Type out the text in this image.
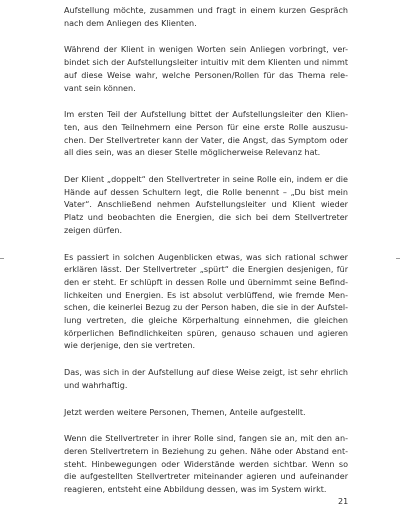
Aufstellung möchte, zusammen und fragt in einem kurzen Gespräch
nach dem Anliegen des Klienten.

Während der Klient in wenigen Worten sein Anliegen vorbringt, ver-
bindet sich der Aufstellungsleiter intuitiv mit dem Klienten und nimmt
auf diese Weise wahr, welche Personen/Rollen für das Thema rele-
vant sein können.

Im ersten Teil der Aufstellung bittet der Aufstellungsleiter den Klien-
ten, aus den Teilnehmern eine Person für eine erste Rolle auszusu-
chen. Der Stellvertreter kann der Vater, die Angst, das Symptom oder
all dies sein, was an dieser Stelle möglicherweise Relevanz hat.

Der Klient „doppelt“ den Stellvertreter in seine Rolle ein, indem er die
Hände auf dessen Schultern legt, die Rolle benennt – „Du bist mein
Vater“. Anschließend nehmen Aufstellungsleiter und Klient wieder
Platz und beobachten die Energien, die sich bei dem Stellvertreter
zeigen dürfen.

Es passiert in solchen Augenblicken etwas, was sich rational schwer
erklären lässt. Der Stellvertreter „spürt“ die Energien desjenigen, für
den er steht. Er schlüpft in dessen Rolle und übernimmt seine Befind-
lichkeiten und Energien. Es ist absolut verblüffend, wie fremde Men-
schen, die keinerlei Bezug zu der Person haben, die sie in der Aufstel-
lung vertreten, die gleiche Körperhaltung einnehmen, die gleichen
körperlichen Befindlichkeiten spüren, genauso schauen und agieren
wie derjenige, den sie vertreten.

Das, was sich in der Aufstellung auf diese Weise zeigt, ist sehr ehrlich
und wahrhaftig.

Jetzt werden weitere Personen, Themen, Anteile aufgestellt.

Wenn die Stellvertreter in ihrer Rolle sind, fangen sie an, mit den an-
deren Stellvertretern in Beziehung zu gehen. Nähe oder Abstand ent-
steht. Hinbewegungen oder Widerstände werden sichtbar. Wenn so
die aufgestellten Stellvertreter miteinander agieren und aufeinander
reagieren, entsteht eine Abbildung dessen, was im System wirkt.

21
